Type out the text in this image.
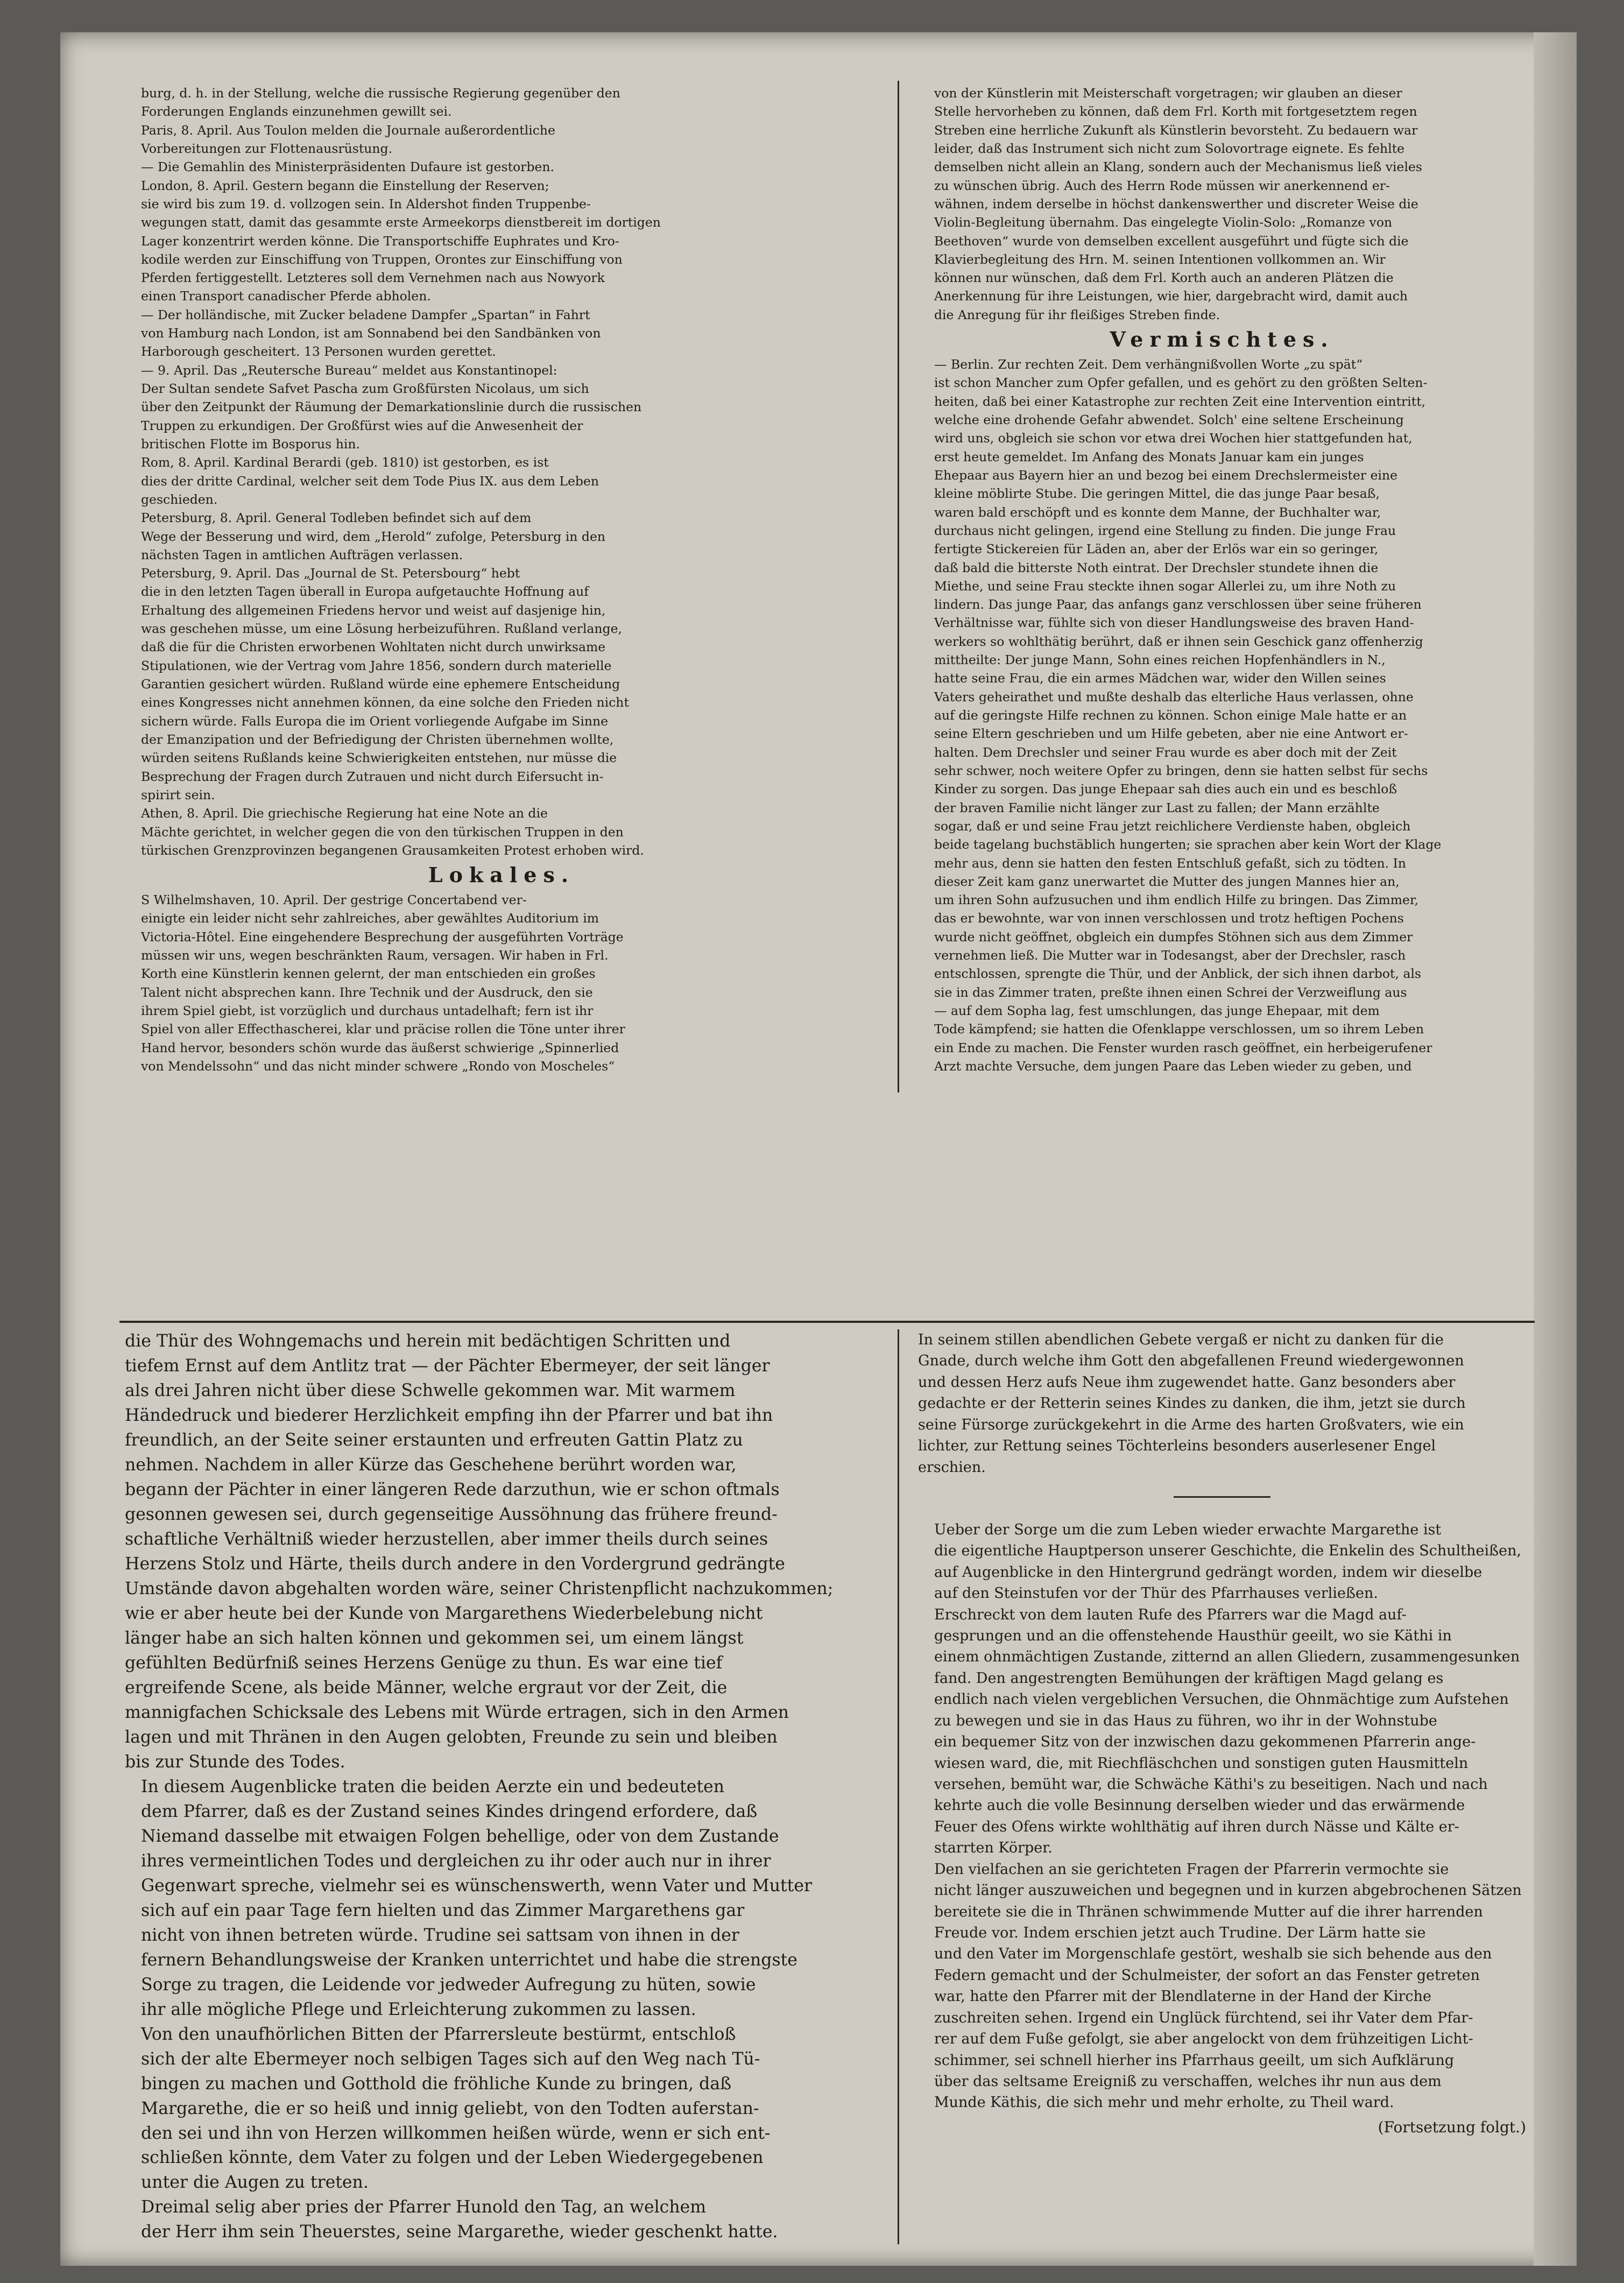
burg, d. h. in der Stellung, welche die russische Regierung gegenüber den
Forderungen Englands einzunehmen gewillt sei.

Paris, 8. April. Aus Toulon melden die Journale außerordentliche
Vorbereitungen zur Flottenausrüstung.

— Die Gemahlin des Ministerpräsidenten Dufaure ist gestorben.

London, 8. April. Gestern begann die Einstellung der Reserven;
sie wird bis zum 19. d. vollzogen sein. In Aldershot finden Truppenbe-
wegungen statt, damit das gesammte erste Armeekorps dienstbereit im dortigen
Lager konzentrirt werden könne. Die Transportschiffe Euphrates und Kro-
kodile werden zur Einschiffung von Truppen, Orontes zur Einschiffung von
Pferden fertiggestellt. Letzteres soll dem Vernehmen nach aus Nowyork
einen Transport canadischer Pferde abholen.

— Der holländische, mit Zucker beladene Dampfer „Spartan“ in Fahrt
von Hamburg nach London, ist am Sonnabend bei den Sandbänken von
Harborough gescheitert. 13 Personen wurden gerettet.

— 9. April. Das „Reutersche Bureau“ meldet aus Konstantinopel:
Der Sultan sendete Safvet Pascha zum Großfürsten Nicolaus, um sich
über den Zeitpunkt der Räumung der Demarkationslinie durch die russischen
Truppen zu erkundigen. Der Großfürst wies auf die Anwesenheit der
britischen Flotte im Bosporus hin.

Rom, 8. April. Kardinal Berardi (geb. 1810) ist gestorben, es ist
dies der dritte Cardinal, welcher seit dem Tode Pius IX. aus dem Leben
geschieden.

Petersburg, 8. April. General Todleben befindet sich auf dem
Wege der Besserung und wird, dem „Herold“ zufolge, Petersburg in den
nächsten Tagen in amtlichen Aufträgen verlassen.

Petersburg, 9. April. Das „Journal de St. Petersbourg“ hebt
die in den letzten Tagen überall in Europa aufgetauchte Hoffnung auf
Erhaltung des allgemeinen Friedens hervor und weist auf dasjenige hin,
was geschehen müsse, um eine Lösung herbeizuführen. Rußland verlange,
daß die für die Christen erworbenen Wohltaten nicht durch unwirksame
Stipulationen, wie der Vertrag vom Jahre 1856, sondern durch materielle
Garantien gesichert würden. Rußland würde eine ephemere Entscheidung
eines Kongresses nicht annehmen können, da eine solche den Frieden nicht
sichern würde. Falls Europa die im Orient vorliegende Aufgabe im Sinne
der Emanzipation und der Befriedigung der Christen übernehmen wollte,
würden seitens Rußlands keine Schwierigkeiten entstehen, nur müsse die
Besprechung der Fragen durch Zutrauen und nicht durch Eifersucht in-
spirirt sein.

Athen, 8. April. Die griechische Regierung hat eine Note an die
Mächte gerichtet, in welcher gegen die von den türkischen Truppen in den
türkischen Grenzprovinzen begangenen Grausamkeiten Protest erhoben wird.

Lokales.

S Wilhelmshaven, 10. April. Der gestrige Concertabend ver-
einigte ein leider nicht sehr zahlreiches, aber gewähltes Auditorium im
Victoria-Hôtel. Eine eingehendere Besprechung der ausgeführten Vorträge
müssen wir uns, wegen beschränkten Raum, versagen. Wir haben in Frl.
Korth eine Künstlerin kennen gelernt, der man entschieden ein großes
Talent nicht absprechen kann. Ihre Technik und der Ausdruck, den sie
ihrem Spiel giebt, ist vorzüglich und durchaus untadelhaft; fern ist ihr
Spiel von aller Effecthascherei, klar und präcise rollen die Töne unter ihrer
Hand hervor, besonders schön wurde das äußerst schwierige „Spinnerlied
von Mendelssohn“ und das nicht minder schwere „Rondo von Moscheles“

von der Künstlerin mit Meisterschaft vorgetragen; wir glauben an dieser
Stelle hervorheben zu können, daß dem Frl. Korth mit fortgesetztem regen
Streben eine herrliche Zukunft als Künstlerin bevorsteht. Zu bedauern war
leider, daß das Instrument sich nicht zum Solovortrage eignete. Es fehlte
demselben nicht allein an Klang, sondern auch der Mechanismus ließ vieles
zu wünschen übrig. Auch des Herrn Rode müssen wir anerkennend er-
wähnen, indem derselbe in höchst dankenswerther und discreter Weise die
Violin-Begleitung übernahm. Das eingelegte Violin-Solo: „Romanze von
Beethoven“ wurde von demselben excellent ausgeführt und fügte sich die
Klavierbegleitung des Hrn. M. seinen Intentionen vollkommen an. Wir
können nur wünschen, daß dem Frl. Korth auch an anderen Plätzen die
Anerkennung für ihre Leistungen, wie hier, dargebracht wird, damit auch
die Anregung für ihr fleißiges Streben finde.

Vermischtes.

— Berlin. Zur rechten Zeit. Dem verhängnißvollen Worte „zu spät“
ist schon Mancher zum Opfer gefallen, und es gehört zu den größten Selten-
heiten, daß bei einer Katastrophe zur rechten Zeit eine Intervention eintritt,
welche eine drohende Gefahr abwendet. Solch' eine seltene Erscheinung
wird uns, obgleich sie schon vor etwa drei Wochen hier stattgefunden hat,
erst heute gemeldet. Im Anfang des Monats Januar kam ein junges
Ehepaar aus Bayern hier an und bezog bei einem Drechslermeister eine
kleine möblirte Stube. Die geringen Mittel, die das junge Paar besaß,
waren bald erschöpft und es konnte dem Manne, der Buchhalter war,
durchaus nicht gelingen, irgend eine Stellung zu finden. Die junge Frau
fertigte Stickereien für Läden an, aber der Erlös war ein so geringer,
daß bald die bitterste Noth eintrat. Der Drechsler stundete ihnen die
Miethe, und seine Frau steckte ihnen sogar Allerlei zu, um ihre Noth zu
lindern. Das junge Paar, das anfangs ganz verschlossen über seine früheren
Verhältnisse war, fühlte sich von dieser Handlungsweise des braven Hand-
werkers so wohlthätig berührt, daß er ihnen sein Geschick ganz offenherzig
mittheilte: Der junge Mann, Sohn eines reichen Hopfenhändlers in N.,
hatte seine Frau, die ein armes Mädchen war, wider den Willen seines
Vaters geheirathet und mußte deshalb das elterliche Haus verlassen, ohne
auf die geringste Hilfe rechnen zu können. Schon einige Male hatte er an
seine Eltern geschrieben und um Hilfe gebeten, aber nie eine Antwort er-
halten. Dem Drechsler und seiner Frau wurde es aber doch mit der Zeit
sehr schwer, noch weitere Opfer zu bringen, denn sie hatten selbst für sechs
Kinder zu sorgen. Das junge Ehepaar sah dies auch ein und es beschloß
der braven Familie nicht länger zur Last zu fallen; der Mann erzählte
sogar, daß er und seine Frau jetzt reichlichere Verdienste haben, obgleich
beide tagelang buchstäblich hungerten; sie sprachen aber kein Wort der Klage
mehr aus, denn sie hatten den festen Entschluß gefaßt, sich zu tödten. In
dieser Zeit kam ganz unerwartet die Mutter des jungen Mannes hier an,
um ihren Sohn aufzusuchen und ihm endlich Hilfe zu bringen. Das Zimmer,
das er bewohnte, war von innen verschlossen und trotz heftigen Pochens
wurde nicht geöffnet, obgleich ein dumpfes Stöhnen sich aus dem Zimmer
vernehmen ließ. Die Mutter war in Todesangst, aber der Drechsler, rasch
entschlossen, sprengte die Thür, und der Anblick, der sich ihnen darbot, als
sie in das Zimmer traten, preßte ihnen einen Schrei der Verzweiflung aus
— auf dem Sopha lag, fest umschlungen, das junge Ehepaar, mit dem
Tode kämpfend; sie hatten die Ofenklappe verschlossen, um so ihrem Leben
ein Ende zu machen. Die Fenster wurden rasch geöffnet, ein herbeigerufener
Arzt machte Versuche, dem jungen Paare das Leben wieder zu geben, und

die Thür des Wohngemachs und herein mit bedächtigen Schritten und
tiefem Ernst auf dem Antlitz trat — der Pächter Ebermeyer, der seit länger
als drei Jahren nicht über diese Schwelle gekommen war. Mit warmem
Händedruck und biederer Herzlichkeit empfing ihn der Pfarrer und bat ihn
freundlich, an der Seite seiner erstaunten und erfreuten Gattin Platz zu
nehmen. Nachdem in aller Kürze das Geschehene berührt worden war,
begann der Pächter in einer längeren Rede darzuthun, wie er schon oftmals
gesonnen gewesen sei, durch gegenseitige Aussöhnung das frühere freund-
schaftliche Verhältniß wieder herzustellen, aber immer theils durch seines
Herzens Stolz und Härte, theils durch andere in den Vordergrund gedrängte
Umstände davon abgehalten worden wäre, seiner Christenpflicht nachzukommen;
wie er aber heute bei der Kunde von Margarethens Wiederbelebung nicht
länger habe an sich halten können und gekommen sei, um einem längst
gefühlten Bedürfniß seines Herzens Genüge zu thun. Es war eine tief
ergreifende Scene, als beide Männer, welche ergraut vor der Zeit, die
mannigfachen Schicksale des Lebens mit Würde ertragen, sich in den Armen
lagen und mit Thränen in den Augen gelobten, Freunde zu sein und bleiben
bis zur Stunde des Todes.

In diesem Augenblicke traten die beiden Aerzte ein und bedeuteten
dem Pfarrer, daß es der Zustand seines Kindes dringend erfordere, daß
Niemand dasselbe mit etwaigen Folgen behellige, oder von dem Zustande
ihres vermeintlichen Todes und dergleichen zu ihr oder auch nur in ihrer
Gegenwart spreche, vielmehr sei es wünschenswerth, wenn Vater und Mutter
sich auf ein paar Tage fern hielten und das Zimmer Margarethens gar
nicht von ihnen betreten würde. Trudine sei sattsam von ihnen in der
fernern Behandlungsweise der Kranken unterrichtet und habe die strengste
Sorge zu tragen, die Leidende vor jedweder Aufregung zu hüten, sowie
ihr alle mögliche Pflege und Erleichterung zukommen zu lassen.

Von den unaufhörlichen Bitten der Pfarrersleute bestürmt, entschloß
sich der alte Ebermeyer noch selbigen Tages sich auf den Weg nach Tü-
bingen zu machen und Gotthold die fröhliche Kunde zu bringen, daß
Margarethe, die er so heiß und innig geliebt, von den Todten auferstan-
den sei und ihn von Herzen willkommen heißen würde, wenn er sich ent-
schließen könnte, dem Vater zu folgen und der Leben Wiedergegebenen
unter die Augen zu treten.

Dreimal selig aber pries der Pfarrer Hunold den Tag, an welchem
der Herr ihm sein Theuerstes, seine Margarethe, wieder geschenkt hatte.

In seinem stillen abendlichen Gebete vergaß er nicht zu danken für die
Gnade, durch welche ihm Gott den abgefallenen Freund wiedergewonnen
und dessen Herz aufs Neue ihm zugewendet hatte. Ganz besonders aber
gedachte er der Retterin seines Kindes zu danken, die ihm, jetzt sie durch
seine Fürsorge zurückgekehrt in die Arme des harten Großvaters, wie ein
lichter, zur Rettung seines Töchterleins besonders auserlesener Engel
erschien.

Ueber der Sorge um die zum Leben wieder erwachte Margarethe ist
die eigentliche Hauptperson unserer Geschichte, die Enkelin des Schultheißen,
auf Augenblicke in den Hintergrund gedrängt worden, indem wir dieselbe
auf den Steinstufen vor der Thür des Pfarrhauses verließen.

Erschreckt von dem lauten Rufe des Pfarrers war die Magd auf-
gesprungen und an die offenstehende Hausthür geeilt, wo sie Käthi in
einem ohnmächtigen Zustande, zitternd an allen Gliedern, zusammengesunken
fand. Den angestrengten Bemühungen der kräftigen Magd gelang es
endlich nach vielen vergeblichen Versuchen, die Ohnmächtige zum Aufstehen
zu bewegen und sie in das Haus zu führen, wo ihr in der Wohnstube
ein bequemer Sitz von der inzwischen dazu gekommenen Pfarrerin ange-
wiesen ward, die, mit Riechfläschchen und sonstigen guten Hausmitteln
versehen, bemüht war, die Schwäche Käthi's zu beseitigen. Nach und nach
kehrte auch die volle Besinnung derselben wieder und das erwärmende
Feuer des Ofens wirkte wohlthätig auf ihren durch Nässe und Kälte er-
starrten Körper.

Den vielfachen an sie gerichteten Fragen der Pfarrerin vermochte sie
nicht länger auszuweichen und begegnen und in kurzen abgebrochenen Sätzen
bereitete sie die in Thränen schwimmende Mutter auf die ihrer harrenden
Freude vor. Indem erschien jetzt auch Trudine. Der Lärm hatte sie
und den Vater im Morgenschlafe gestört, weshalb sie sich behende aus den
Federn gemacht und der Schulmeister, der sofort an das Fenster getreten
war, hatte den Pfarrer mit der Blendlaterne in der Hand der Kirche
zuschreiten sehen. Irgend ein Unglück fürchtend, sei ihr Vater dem Pfar-
rer auf dem Fuße gefolgt, sie aber angelockt von dem frühzeitigen Licht-
schimmer, sei schnell hierher ins Pfarrhaus geeilt, um sich Aufklärung
über das seltsame Ereigniß zu verschaffen, welches ihr nun aus dem
Munde Käthis, die sich mehr und mehr erholte, zu Theil ward.

(Fortsetzung folgt.)
